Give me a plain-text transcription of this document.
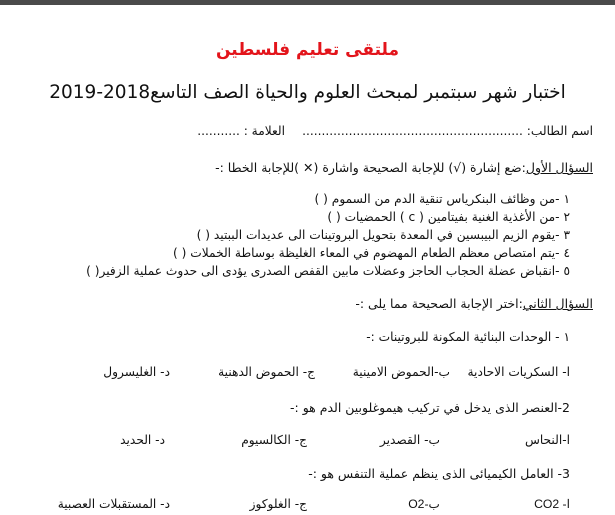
ملتقى تعليم فلسطين
اختبار شهر سبتمبر لمبحث العلوم والحياة الصف التاسع2018-2019
اسم الطالب: .........................................................
العلامة : ...........
السؤال الأول:ضع إشارة (√) للإجابة الصحيحة واشارة (✕ )للإجابة الخطا :-
١ -من وظائف البنكرياس تنقية الدم من السموم ( )
٢ -من الأغذية الغنية بفيتامين ( c ) الحمضيات ( )
٣ -يقوم الزيم البيبسين في المعدة بتحويل البروتينات الى عديدات الببتيد ( )
٤ -يتم امتصاص معظم الطعام المهضوم في المعاء الغليظة بوساطة الخملات ( )
٥ -انقباض عضلة الحجاب الحاجز وعضلات مابين القفص الصدرى يؤدى الى حدوث عملية الزفير( )
السؤال الثاني:اختر الإجابة الصحيحة مما يلى :-
١ - الوحدات البنائية المكونة للبروتينات :-
ا- السكريات الاحادية
ب-الحموض الامينية
ج- الحموض الدهنية
د- الغليسرول
2-العنصر الذى يدخل في تركيب هيموغلوبين الدم هو :-
ا-النحاس
ب- القصدير
ج- الكالسيوم
د- الحديد
3- العامل الكيميائى الذى ينظم عملية التنفس هو :-
ا- CO2
ب-O2
ج- الغلوكوز
د- المستقبلات العصبية
